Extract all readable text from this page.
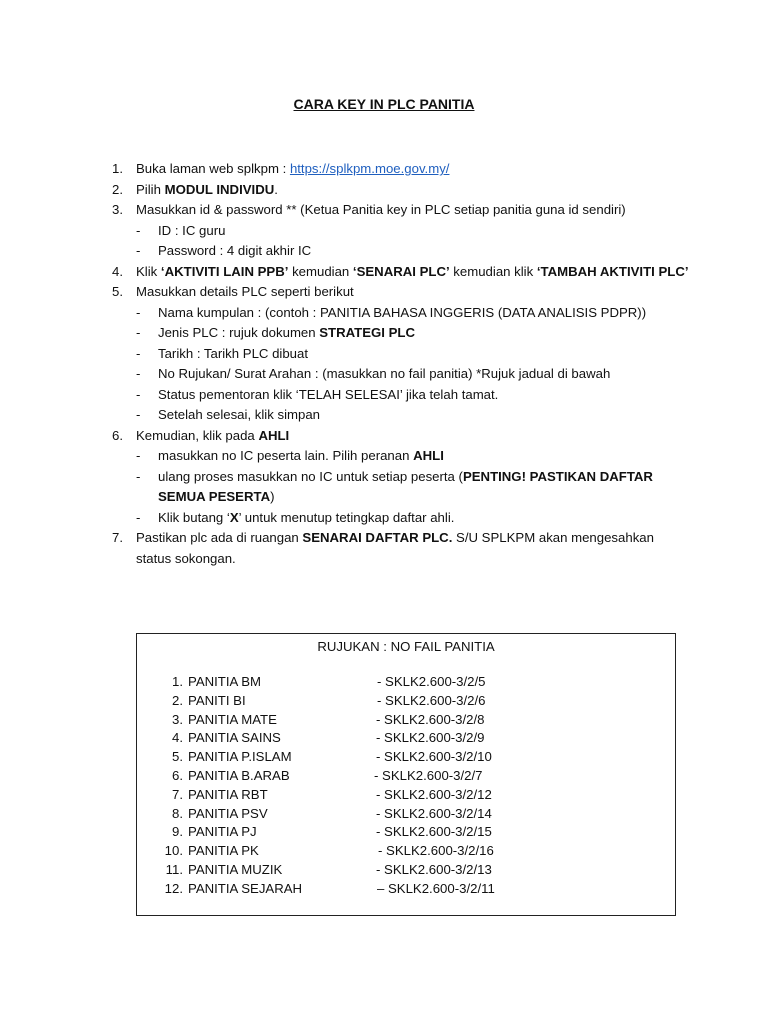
CARA KEY IN PLC PANITIA
1. Buka laman web splkpm : https://splkpm.moe.gov.my/
2. Pilih MODUL INDIVIDU.
3. Masukkan id & password ** (Ketua Panitia key in PLC setiap panitia guna id sendiri)
- ID : IC guru
- Password : 4 digit akhir IC
4. Klik ‘AKTIVITI LAIN PPB’ kemudian ‘SENARAI PLC’ kemudian klik ‘TAMBAH AKTIVITI PLC’
5. Masukkan details PLC seperti berikut
- Nama kumpulan : (contoh : PANITIA BAHASA INGGERIS (DATA ANALISIS PDPR))
- Jenis PLC : rujuk dokumen STRATEGI PLC
- Tarikh : Tarikh PLC dibuat
- No Rujukan/ Surat Arahan : (masukkan no fail panitia) *Rujuk jadual di bawah
- Status pementoran klik ‘TELAH SELESAI’ jika telah tamat.
- Setelah selesai, klik simpan
6. Kemudian, klik pada AHLI
- masukkan no IC peserta lain. Pilih peranan AHLI
- ulang proses masukkan no IC untuk setiap peserta (PENTING! PASTIKAN DAFTAR
SEMUA PESERTA)
- Klik butang ‘X’ untuk menutup tetingkap daftar ahli.
7. Pastikan plc ada di ruangan SENARAI DAFTAR PLC. S/U SPLKPM akan mengesahkan
status sokongan.
RUJUKAN : NO FAIL PANITIA
1. PANITIA BM	- SKLK2.600-3/2/5
2. PANITI BI	- SKLK2.600-3/2/6
3. PANITIA MATE	- SKLK2.600-3/2/8
4. PANITIA SAINS	- SKLK2.600-3/2/9
5. PANITIA P.ISLAM	- SKLK2.600-3/2/10
6. PANITIA B.ARAB	- SKLK2.600-3/2/7
7. PANITIA RBT	- SKLK2.600-3/2/12
8. PANITIA PSV	- SKLK2.600-3/2/14
9. PANITIA PJ	- SKLK2.600-3/2/15
10. PANITIA PK	- SKLK2.600-3/2/16
11. PANITIA MUZIK	- SKLK2.600-3/2/13
12. PANITIA SEJARAH	– SKLK2.600-3/2/11
